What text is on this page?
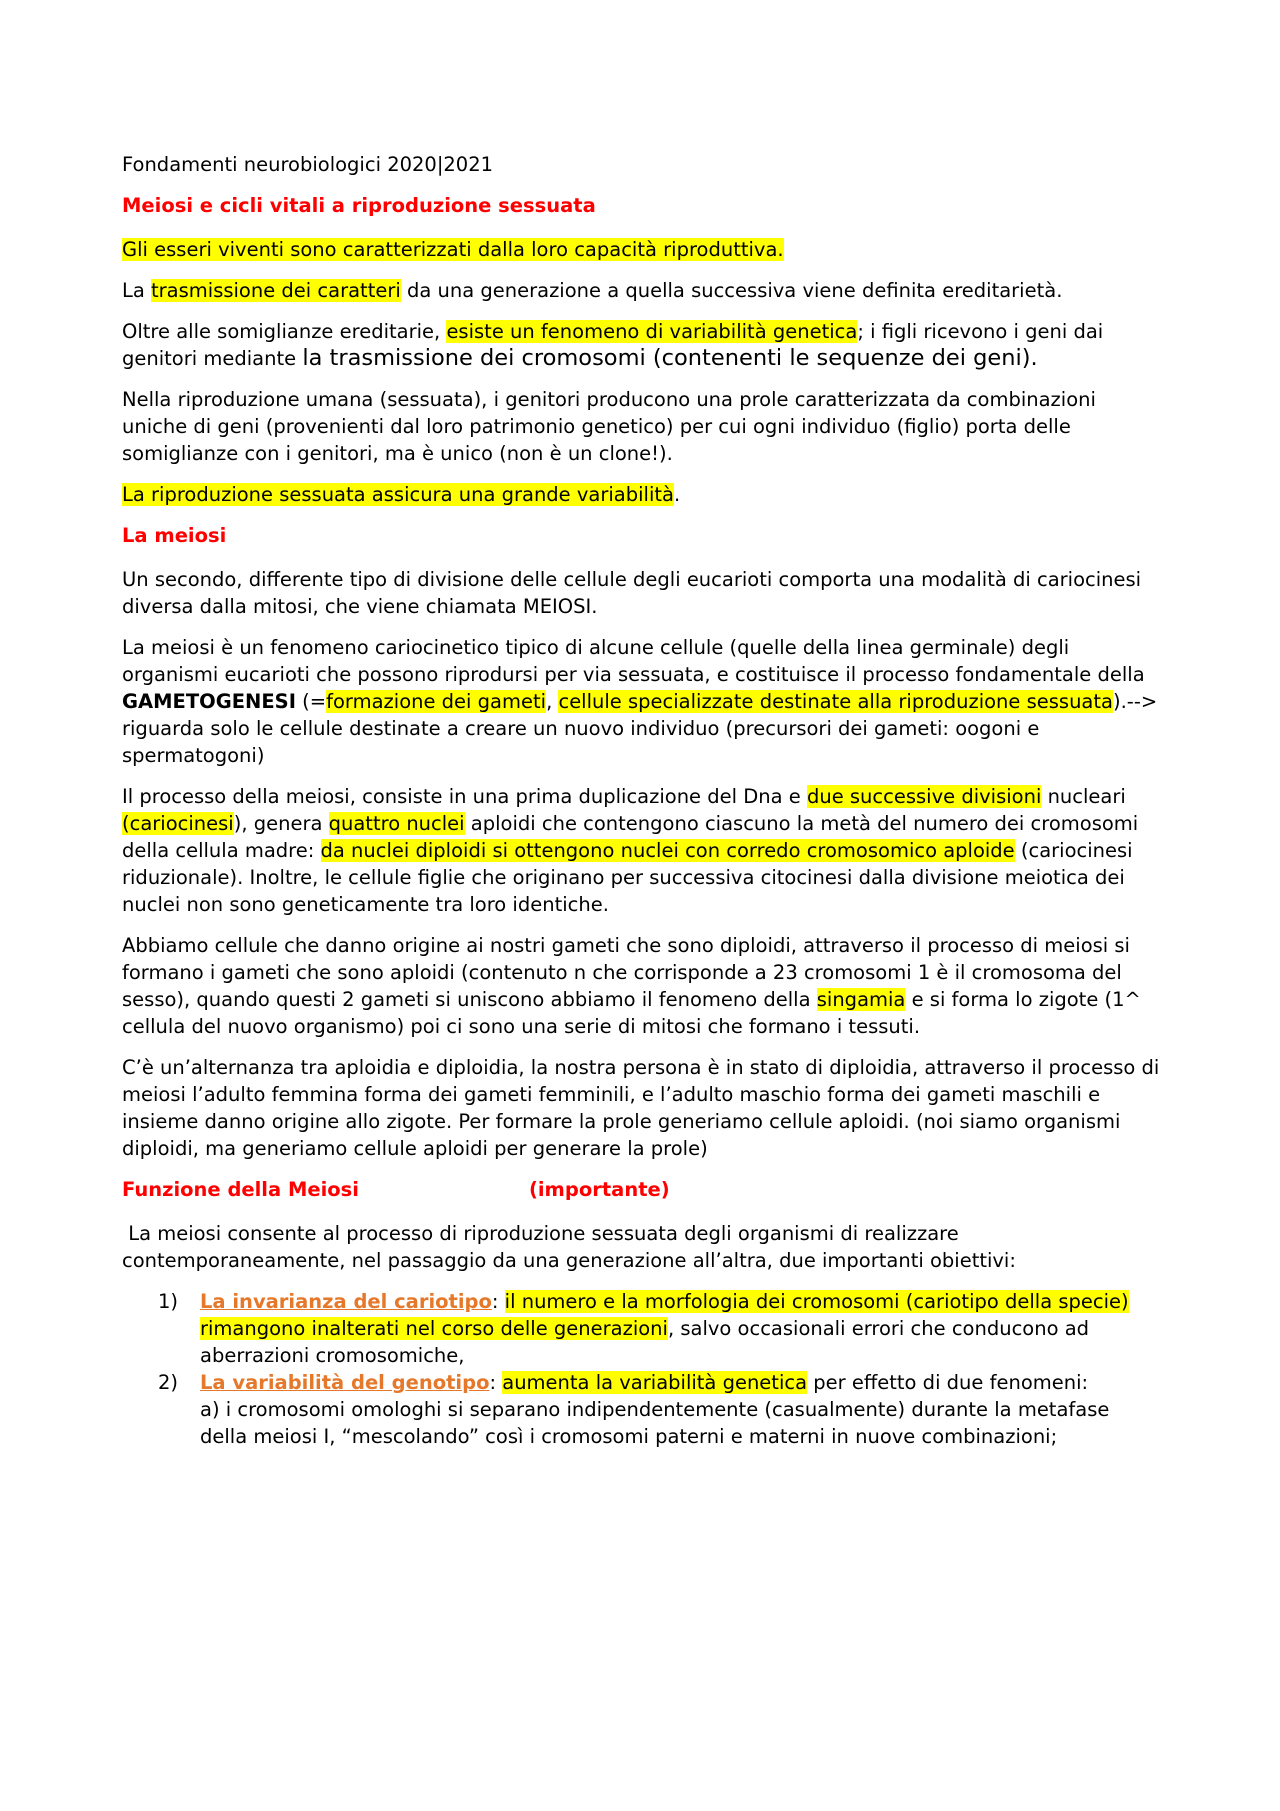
Fondamenti neurobiologici 2020|2021

Meiosi e cicli vitali a riproduzione sessuata

Gli esseri viventi sono caratterizzati dalla loro capacità riproduttiva.

La trasmissione dei caratteri da una generazione a quella successiva viene definita ereditarietà.

Oltre alle somiglianze ereditarie, esiste un fenomeno di variabilità genetica; i figli ricevono i geni dai genitori mediante la trasmissione dei cromosomi (contenenti le sequenze dei geni).

Nella riproduzione umana (sessuata), i genitori producono una prole caratterizzata da combinazioni uniche di geni (provenienti dal loro patrimonio genetico) per cui ogni individuo (figlio) porta delle somiglianze con i genitori, ma è unico (non è un clone!).

La riproduzione sessuata assicura una grande variabilità.

La meiosi

Un secondo, differente tipo di divisione delle cellule degli eucarioti comporta una modalità di cariocinesi diversa dalla mitosi, che viene chiamata MEIOSI.

La meiosi è un fenomeno cariocinetico tipico di alcune cellule (quelle della linea germinale) degli organismi eucarioti che possono riprodursi per via sessuata, e costituisce il processo fondamentale della GAMETOGENESI (=formazione dei gameti, cellule specializzate destinate alla riproduzione sessuata).--> riguarda solo le cellule destinate a creare un nuovo individuo (precursori dei gameti: oogoni e spermatogoni)

Il processo della meiosi, consiste in una prima duplicazione del Dna e due successive divisioni nucleari (cariocinesi), genera quattro nuclei aploidi che contengono ciascuno la metà del numero dei cromosomi della cellula madre: da nuclei diploidi si ottengono nuclei con corredo cromosomico aploide (cariocinesi riduzionale). Inoltre, le cellule figlie che originano per successiva citocinesi dalla divisione meiotica dei nuclei non sono geneticamente tra loro identiche.

Abbiamo cellule che danno origine ai nostri gameti che sono diploidi, attraverso il processo di meiosi si formano i gameti che sono aploidi (contenuto n che corrisponde a 23 cromosomi 1 è il cromosoma del sesso), quando questi 2 gameti si uniscono abbiamo il fenomeno della singamia e si forma lo zigote (1^ cellula del nuovo organismo) poi ci sono una serie di mitosi che formano i tessuti.

C’è un’alternanza tra aploidia e diploidia, la nostra persona è in stato di diploidia, attraverso il processo di meiosi l’adulto femmina forma dei gameti femminili, e l’adulto maschio forma dei gameti maschili e insieme danno origine allo zigote. Per formare la prole generiamo cellule aploidi. (noi siamo organismi diploidi, ma generiamo cellule aploidi per generare la prole)

Funzione della Meiosi	(importante)

La meiosi consente al processo di riproduzione sessuata degli organismi di realizzare contemporaneamente, nel passaggio da una generazione all’altra, due importanti obiettivi:

1) La invarianza del cariotipo: il numero e la morfologia dei cromosomi (cariotipo della specie) rimangono inalterati nel corso delle generazioni, salvo occasionali errori che conducono ad aberrazioni cromosomiche,
2) La variabilità del genotipo: aumenta la variabilità genetica per effetto di due fenomeni:
a) i cromosomi omologhi si separano indipendentemente (casualmente) durante la metafase della meiosi I, “mescolando” così i cromosomi paterni e materni in nuove combinazioni;
